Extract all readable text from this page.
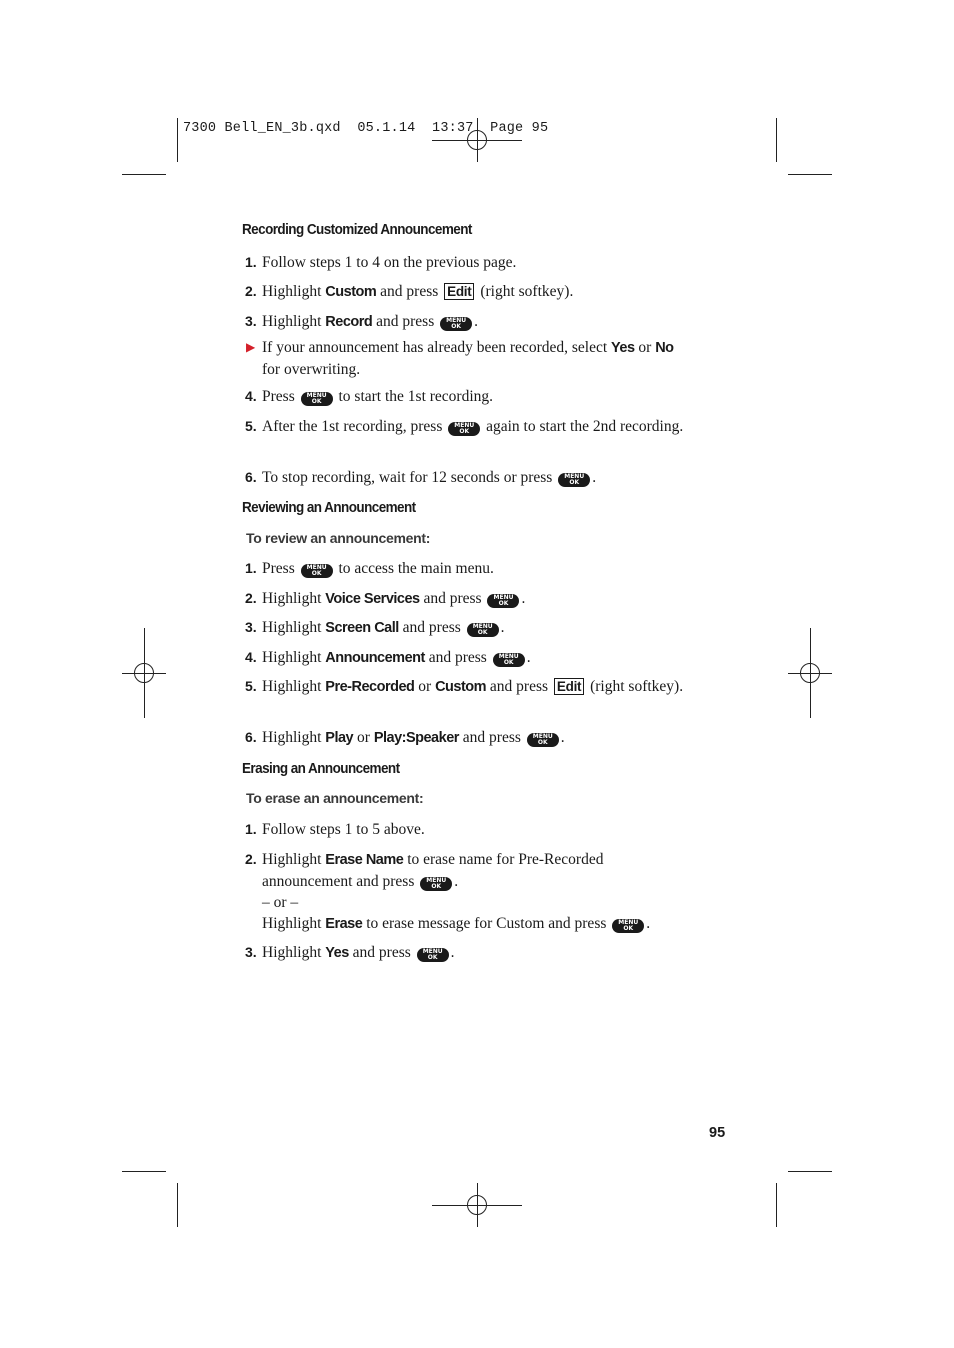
7300 Bell_EN_3b.qxd  05.1.14  13:37  Page 95
Recording Customized Announcement
1. Follow steps 1 to 4 on the previous page.
2. Highlight Custom and press Edit (right softkey).
3. Highlight Record and press	MENU
OK .
▶ If your announcement has already been recorded, select Yes or No for overwriting.
4. Press	MENU
OK to start the 1st recording.
5. After the 1st recording, press	MENU
OK again to start the 2nd recording.
6. To stop recording, wait for 12 seconds or press	MENU
OK .
Reviewing an Announcement
To review an announcement:
1. Press	MENU
OK to access the main menu.
2. Highlight Voice Services and press	MENU
OK .
3. Highlight Screen Call and press	MENU
OK .
4. Highlight Announcement and press	MENU
OK .
5. Highlight Pre-Recorded or Custom and press Edit (right softkey).
6. Highlight Play or Play:Speaker and press	MENU
OK .
Erasing an Announcement
To erase an announcement:
1. Follow steps 1 to 5 above.
2. Highlight Erase Name to erase name for Pre-Recorded announcement and press	MENU
OK .
– or –
Highlight Erase to erase message for Custom and press	MENU
OK .
3. Highlight Yes and press	MENU
OK .
95
